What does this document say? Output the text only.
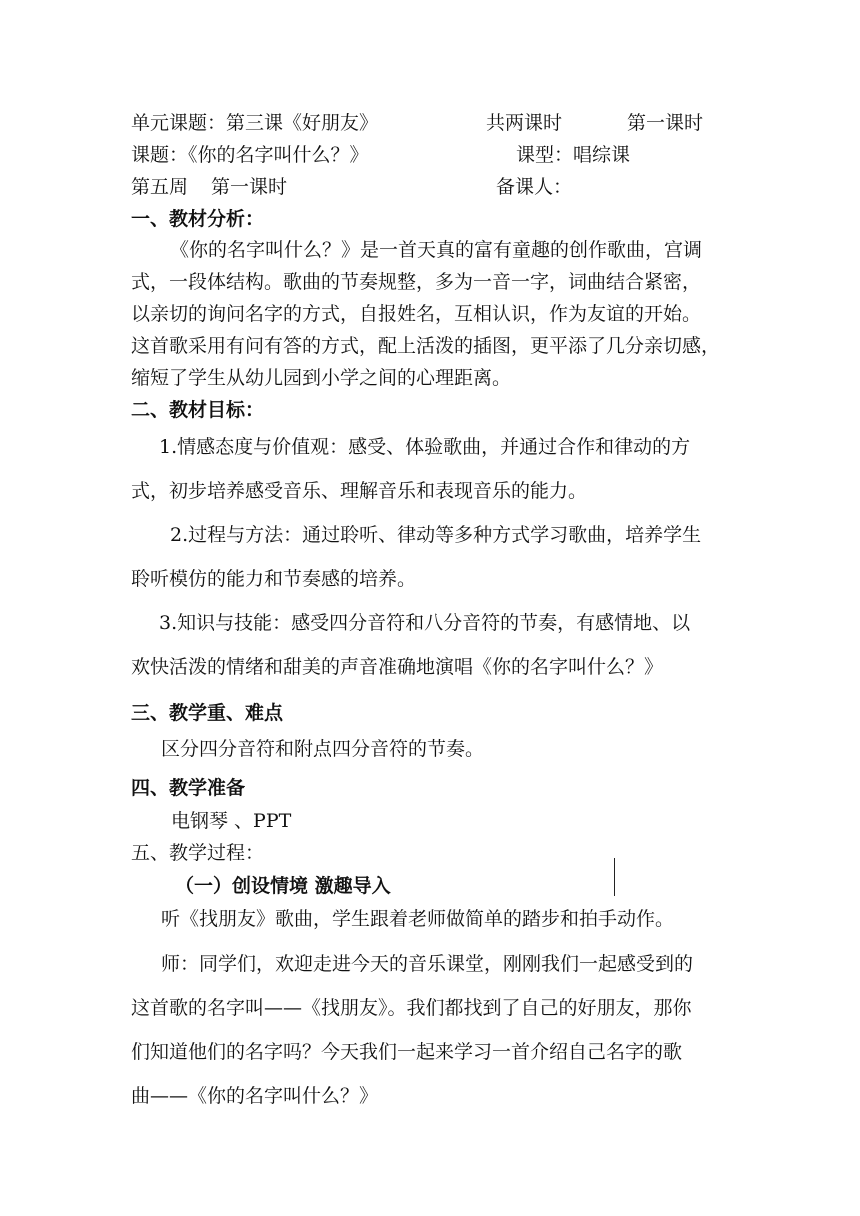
单元课题：第三课《好朋友》	共两课时	第一课时
课题：《你的名字叫什么？》	课型：唱综课
第五周 第一课时	备课人：
一、教材分析：
《你的名字叫什么？》是一首天真的富有童趣的创作歌曲，宫调
式，一段体结构。歌曲的节奏规整，多为一音一字，词曲结合紧密，
以亲切的询问名字的方式，自报姓名，互相认识，作为友谊的开始。
这首歌采用有问有答的方式，配上活泼的插图，更平添了几分亲切感，
缩短了学生从幼儿园到小学之间的心理距离。
二、教材目标：
1.情感态度与价值观：感受、体验歌曲，并通过合作和律动的方
式，初步培养感受音乐、理解音乐和表现音乐的能力。
2.过程与方法：通过聆听、律动等多种方式学习歌曲，培养学生
聆听模仿的能力和节奏感的培养。
3.知识与技能：感受四分音符和八分音符的节奏，有感情地、以
欢快活泼的情绪和甜美的声音准确地演唱《你的名字叫什么？》
三、教学重、难点
区分四分音符和附点四分音符的节奏。
四、教学准备
电钢琴 、PPT
五、教学过程：
（一）创设情境 激趣导入
听《找朋友》歌曲，学生跟着老师做简单的踏步和拍手动作。
师：同学们，欢迎走进今天的音乐课堂，刚刚我们一起感受到的
这首歌的名字叫——《找朋友》。我们都找到了自己的好朋友，那你
们知道他们的名字吗？今天我们一起来学习一首介绍自己名字的歌
曲——《你的名字叫什么？》
